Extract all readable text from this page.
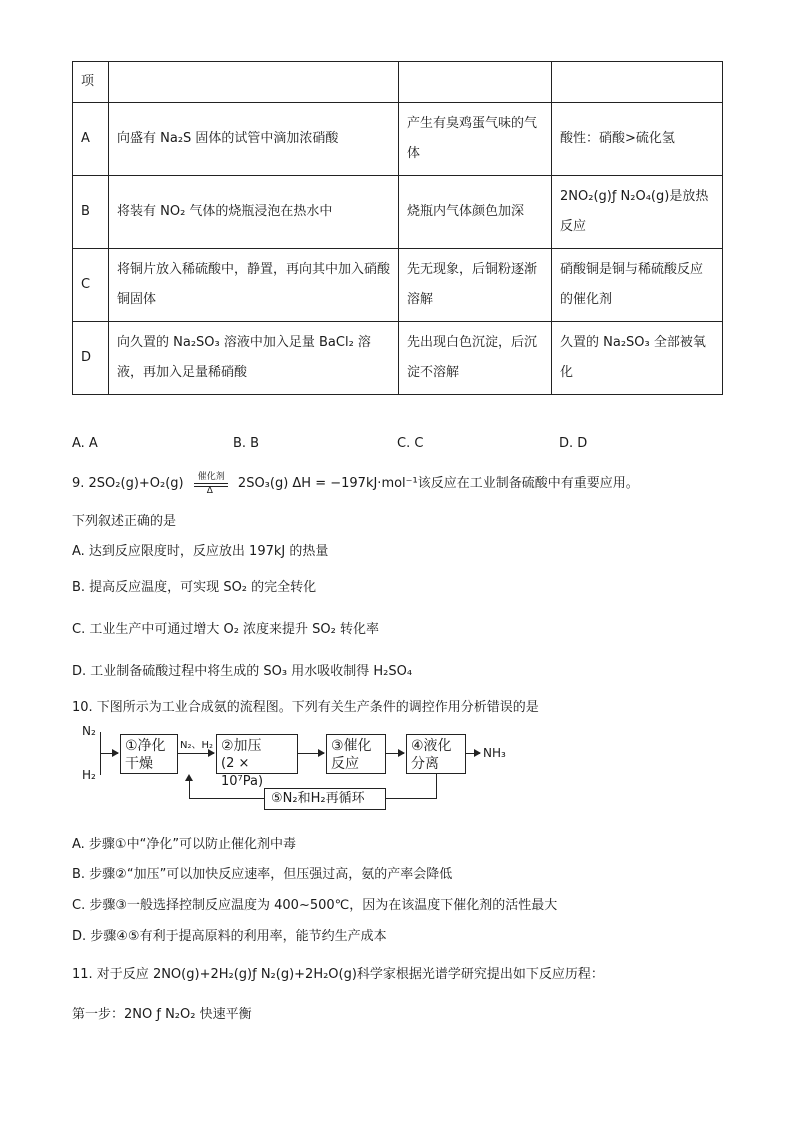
项			
A	向盛有 Na₂S 固体的试管中滴加浓硝酸	产生有臭鸡蛋气味的气体	酸性：硝酸>硫化氢
B	将装有 NO₂ 气体的烧瓶浸泡在热水中	烧瓶内气体颜色加深	2NO₂(g)ƒ N₂O₄(g)是放热反应
C	将铜片放入稀硫酸中，静置，再向其中加入硝酸铜固体	先无现象，后铜粉逐渐溶解	硝酸铜是铜与稀硫酸反应的催化剂
D	向久置的 Na₂SO₃ 溶液中加入足量 BaCl₂ 溶液，再加入足量稀硝酸	先出现白色沉淀，后沉淀不溶解	久置的 Na₂SO₃ 全部被氧化
A. A	B. B	C. C	D. D
9. 2SO₂(g)+O₂(g) 催化剂
Δ 2SO₃(g) ΔH = −197kJ·mol⁻¹该反应在工业制备硫酸中有重要应用。
下列叙述正确的是
A. 达到反应限度时，反应放出 197kJ 的热量
B. 提高反应温度，可实现 SO₂ 的完全转化
C. 工业生产中可通过增大 O₂ 浓度来提升 SO₂ 转化率
D. 工业制备硫酸过程中将生成的 SO₃ 用水吸收制得 H₂SO₄
10. 下图所示为工业合成氨的流程图。下列有关生产条件的调控作用分析错误的是
N₂
H₂
①净化
干燥
N₂、H₂ ②加压
(2 × 10⁷Pa)
③催化
反应
④液化
分离
NH₃
⑤N₂和H₂再循环
A. 步骤①中“净化”可以防止催化剂中毒
B. 步骤②“加压”可以加快反应速率，但压强过高，氨的产率会降低
C. 步骤③一般选择控制反应温度为 400~500℃，因为在该温度下催化剂的活性最大
D. 步骤④⑤有利于提高原料的利用率，能节约生产成本
11. 对于反应 2NO(g)+2H₂(g)ƒ N₂(g)+2H₂O(g)科学家根据光谱学研究提出如下反应历程：
第一步：2NO ƒ N₂O₂ 快速平衡
